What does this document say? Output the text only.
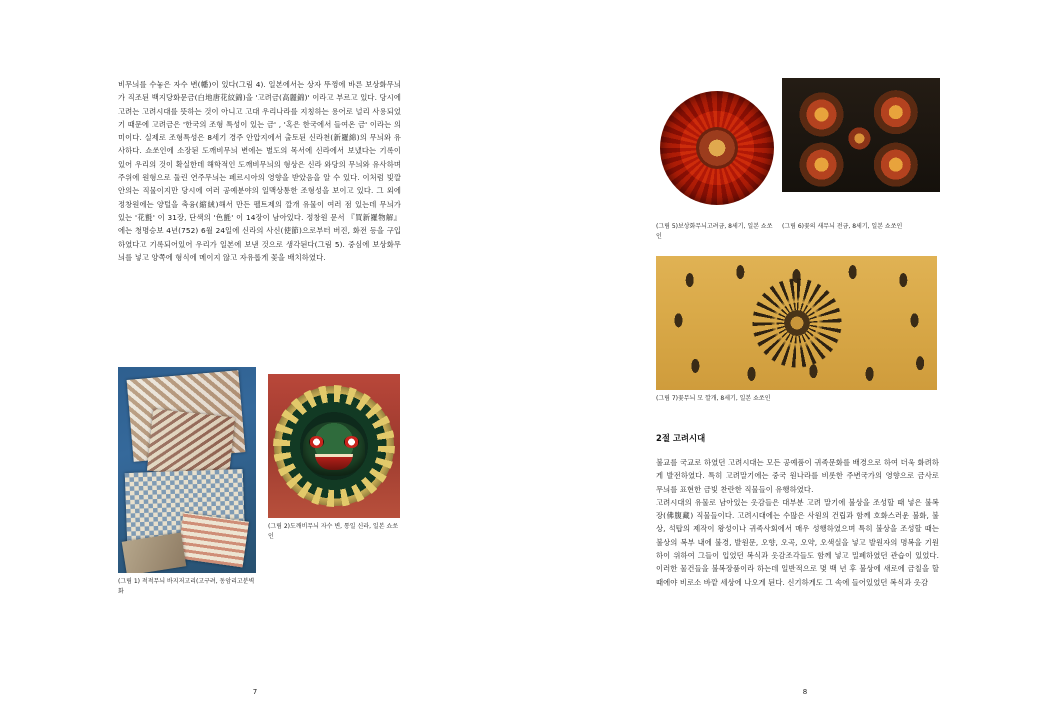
비무늬를 수놓은 자수 변(幡)이 있다(그림 4). 일본에서는 상자 뚜껑에 바른 보상화무늬가 직조된 백지당화문금(白地唐花紋錦)을 '고려금(高麗錦)' 이라고 부르고 있다. 당시에 고려는 고려시대를 뜻하는 것이 아니고 고대 우리나라를 지칭하는 용어로 널리 사용되었기 때문에 고려금은 '한국의 조형 특성이 있는 금' , '혹은 한국에서 들여온 금' 이라는 의미이다. 실제로 조형특성은 8세기 경주 안압지에서 출토된 신라천(新羅綿)의 무늬와 유사하다. 쇼쏘인에 소장된 도깨비무늬 변에는 별도의 목서에 신라에서 보냈다는 기록이 있어 우리의 것이 확실한데 해학적인 도깨비무늬의 형상은 신라 와당의 무늬와 유사하며 주위에 원형으로 둘린 연주무늬는 페르시아의 영향을 받았음을 알 수 있다. 이처럼 빛깔 안의는 직물이지만 당시에 여러 공예분야의 일맥상통한 조형성을 보이고 있다. 그 외에 정창원에는 양털을 축융(縮絨)해서 만든 펠트제의 깔개 유물이 여러 점 있는데 무늬가 있는 '花氈' 이 31장, 단색의 '色氈' 이 14장이 남아있다. 정창원 문서 『買新羅物解』에는 청명승보 4년(752) 6월 24일에 신라의 사신(使節)으로부터 버진, 화전 등을 구입하였다고 기록되어있어 우리가 일본에 보낸 것으로 생각된다(그림 5). 중심에 보상화무늬를 넣고 양쪽에 형식에 메이지 않고 자유롭게 꽃을 배치하였다.

(그림 1) 적적무늬 바지저고리(고구려, 동암리고분벽화
(그림 2)도깨비무늬 자수 변, 통일 신라, 일본 쇼쏘인
7
(그림 5)보상화무늬고려금, 8세기, 일본 쇼쏘인
(그림 6)꽃의 새무늬 전금, 8세기, 일본 쇼쏘인
(그림 7)꽃무늬 모 깔개, 8세기, 일본 쇼쏘인
2절 고려시대

불교를 국교로 하였던 고려시대는 모든 공예품이 귀족문화를 배경으로 하여 더욱 화려하게 발전하였다. 특히 고려말기에는 중국 원나라를 비롯한 주변국가의 영향으로 금사로 무늬를 표현한 금빛 찬란한 직물들이 유행하였다.

고려시대의 유물로 남아있는 옷감들은 대부분 고려 말기에 불상을 조성할 때 넣은 불복장(佛腹藏) 직물들이다. 고려시대에는 수많은 사원의 건립과 함께 호화스러운 불화, 불상, 석탑의 제작이 왕성이나 귀족사회에서 매우 성행하였으며 특히 불상을 조성할 때는 불상의 복부 내에 불경, 발원문, 오향, 오곡, 오약, 오색실을 넣고 발원자의 명복을 기원하이 위하여 그들이 입었던 복식과 옷감조각들도 함께 넣고 밀폐하였던 관습이 있었다. 이러한 물건들을 불복장품이라 하는데 일반적으로 몇 백 년 후 불상에 새로에 금칠을 할 때에야 비로소 바깥 세상에 나오게 된다. 신기하게도 그 속에 들어있었던 복식과 옷감

8
